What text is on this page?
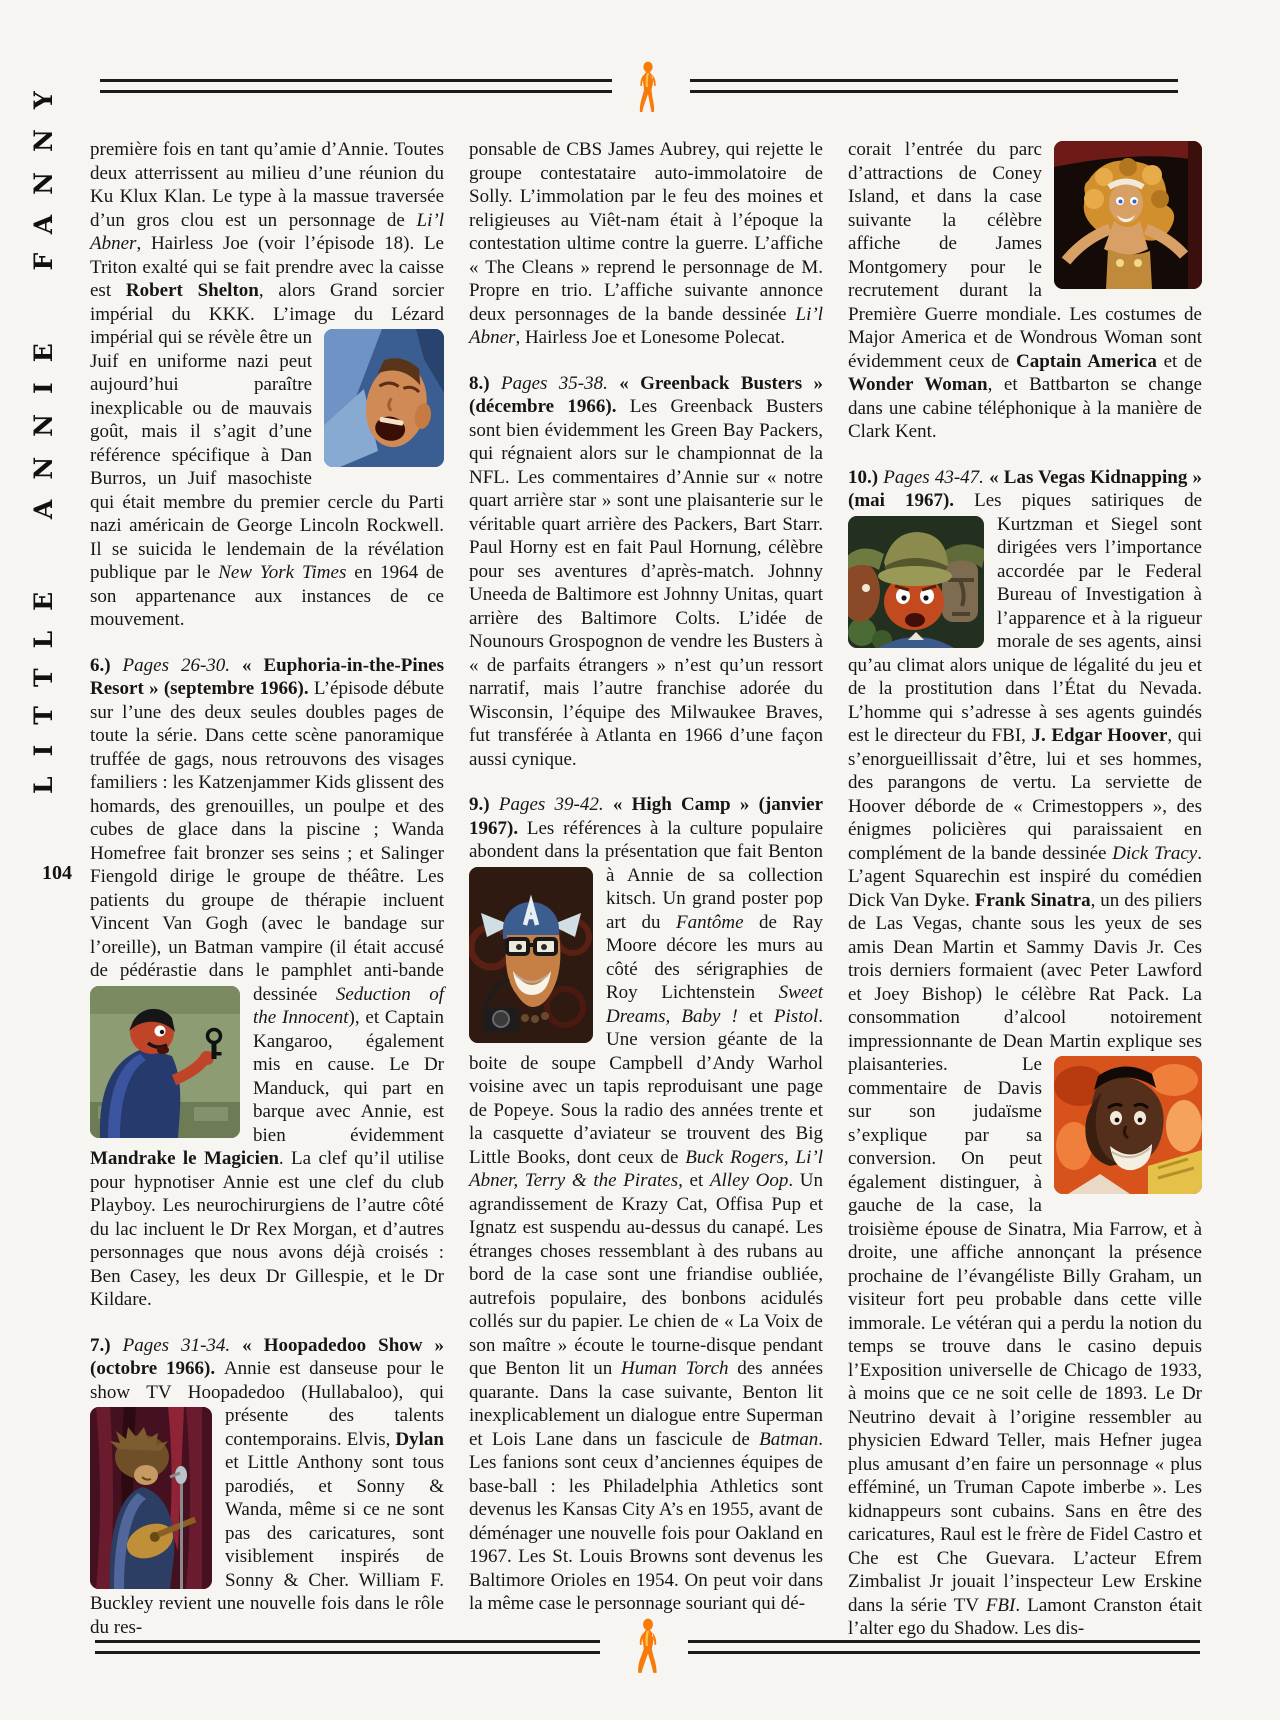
LITTLE ANNIE FANNY
104

première fois en tant qu’amie d’Annie. Toutes deux atterrissent au milieu d’une réunion du Ku Klux Klan. Le type à la massue traversée d’un gros clou est un personnage de Li’l Abner, Hairless Joe (voir l’épisode 18). Le Triton exalté qui se fait prendre avec la caisse est Robert Shelton, alors Grand sorcier impérial du KKK. L’image du Lézard impérial qui se
révèle être un Juif en uniforme nazi peut aujourd’hui paraître inexplicable ou de mauvais goût, mais il s’agit d’une référence spécifique à Dan Burros, un Juif masochiste qui était membre du premier cercle du Parti nazi américain de George Lincoln Rockwell. Il se suicida le lendemain de la révélation publique par le New York Times en 1964 de son appartenance aux instances de ce mouvement.

6.) Pages 26-30. « Euphoria-in-the-Pines Resort » (septembre 1966). L’épisode débute sur l’une des deux seules doubles pages de toute la série. Dans cette scène panoramique truffée de gags, nous retrouvons des visages familiers : les Katzenjammer Kids glissent des homards, des grenouilles, un poulpe et des cubes de glace dans la piscine ; Wanda Homefree fait bronzer ses seins ; et Salinger Fiengold dirige le groupe de théâtre. Les patients du groupe de thérapie incluent Vincent Van Gogh (avec le bandage sur l’oreille), un Batman vampire (il était accusé de pédérastie dans le pamphlet anti-bande dessinée
Seduction of the Innocent), et Captain Kangaroo, également mis en cause. Le Dr Manduck, qui part en barque avec Annie, est bien évidemment Mandrake le Magicien. La clef qu’il utilise pour hypnotiser Annie est une clef du club Playboy. Les neurochirurgiens de l’autre côté du lac incluent le Dr Rex Morgan, et d’autres personnages que nous avons déjà croisés : Ben Casey, les deux Dr Gillespie, et le Dr Kildare.

7.) Pages 31-34. « Hoopadedoo Show » (octobre 1966). Annie est danseuse pour le show TV Hoopadedoo (Hullabaloo), qui présente
des talents contemporains. Elvis, Dylan et Little Anthony sont tous parodiés, et Sonny & Wanda, même si ce ne sont pas des caricatures, sont visiblement inspirés de Sonny & Cher. William F. Buckley revient une nouvelle fois dans le rôle du res-

ponsable de CBS James Aubrey, qui rejette le groupe contestataire auto-immolatoire de Solly. L’immolation par le feu des moines et religieuses au Viêt-nam était à l’époque la contestation ultime contre la guerre. L’affiche « The Cleans » reprend le personnage de M. Propre en trio. L’affiche suivante annonce deux personnages de la bande dessinée Li’l Abner, Hairless Joe et Lonesome Polecat.

8.) Pages 35-38. « Greenback Busters » (décembre 1966). Les Greenback Busters sont bien évidemment les Green Bay Packers, qui régnaient alors sur le championnat de la NFL. Les commentaires d’Annie sur « notre quart arrière star » sont une plaisanterie sur le véritable quart arrière des Packers, Bart Starr. Paul Horny est en fait Paul Hornung, célèbre pour ses aventures d’après-match. Johnny Uneeda de Baltimore est Johnny Unitas, quart arrière des Baltimore Colts. L’idée de Nounours Grospognon de vendre les Busters à « de parfaits étrangers » n’est qu’un ressort narratif, mais l’autre franchise adorée du Wisconsin, l’équipe des Milwaukee Braves, fut transférée à Atlanta en 1966 d’une façon aussi cynique.

9.) Pages 39-42. « High Camp » (janvier 1967). Les références à la culture populaire abondent dans la présentation que fait Benton
à Annie de sa collection kitsch. Un grand poster pop art du Fantôme de Ray Moore décore les murs au côté des sérigraphies de Roy Lichtenstein Sweet Dreams, Baby ! et Pistol. Une version géante de la boite de soupe Campbell d’Andy Warhol voisine avec un tapis reproduisant une page de Popeye. Sous la radio des années trente et la casquette d’aviateur se trouvent des Big Little Books, dont ceux de Buck Rogers, Li’l Abner, Terry & the Pirates, et Alley Oop. Un agrandissement de Krazy Cat, Offisa Pup et Ignatz est suspendu au-dessus du canapé. Les étranges choses ressemblant à des rubans au bord de la case sont une friandise oubliée, autrefois populaire, des bonbons acidulés collés sur du papier. Le chien de « La Voix de son maître » écoute le tourne-disque pendant que Benton lit un Human Torch des années quarante. Dans la case suivante, Benton lit inexplicablement un dialogue entre Superman et Lois Lane dans un fascicule de Batman. Les fanions sont ceux d’anciennes équipes de base-ball : les Philadelphia Athletics sont devenus les Kansas City A’s en 1955, avant de déménager une nouvelle fois pour Oakland en 1967. Les St. Louis Browns sont devenus les Baltimore Orioles en 1954. On peut voir dans la même case le personnage souriant qui dé-

corait l’entrée du parc d’attractions de Coney Island, et dans la case suivante la célèbre affiche de James Montgomery pour le recrutement durant la Première Guerre mondiale. Les costumes de Major America et de Wondrous Woman sont évidemment ceux de Captain America et de Wonder Woman, et Battbarton se change dans une cabine téléphonique à la manière de Clark Kent.

10.) Pages 43-47. « Las Vegas Kidnapping » (mai 1967). Les piques satiriques de
Kurtzman et Siegel sont dirigées vers l’importance accordée par le Federal Bureau of Investigation à l’apparence et à la rigueur morale de ses agents, ainsi qu’au climat alors unique de légalité du jeu et de la prostitution dans l’État du Nevada. L’homme qui s’adresse à ses agents guindés est le directeur du FBI, J. Edgar Hoover, qui s’enorgueillissait d’être, lui et ses hommes, des parangons de vertu. La serviette de Hoover déborde de « Crimestoppers », des énigmes policières qui paraissaient en complément de la bande dessinée Dick Tracy. L’agent Squarechin est inspiré du comédien Dick Van Dyke. Frank Sinatra, un des piliers de Las Vegas, chante sous les yeux de ses amis Dean Martin et Sammy Davis Jr. Ces trois derniers formaient (avec Peter Lawford et Joey Bishop) le célèbre Rat Pack. La consommation d’alcool notoirement impressionnante de Dean Martin explique ses plaisanteries.
Le commentaire de Davis sur son judaïsme s’explique par sa conversion. On peut également distinguer, à gauche de la case, la troisième épouse de Sinatra, Mia Farrow, et à droite, une affiche annonçant la présence prochaine de l’évangéliste Billy Graham, un visiteur fort peu probable dans cette ville immorale. Le vétéran qui a perdu la notion du temps se trouve dans le casino depuis l’Exposition universelle de Chicago de 1933, à moins que ce ne soit celle de 1893. Le Dr Neutrino devait à l’origine ressembler au physicien Edward Teller, mais Hefner jugea plus amusant d’en faire un personnage « plus efféminé, un Truman Capote imberbe ». Les kidnappeurs sont cubains. Sans en être des caricatures, Raul est le frère de Fidel Castro et Che est Che Guevara. L’acteur Efrem Zimbalist Jr jouait l’inspecteur Lew Erskine dans la série TV FBI. Lamont Cranston était l’alter ego du Shadow. Les dis-
